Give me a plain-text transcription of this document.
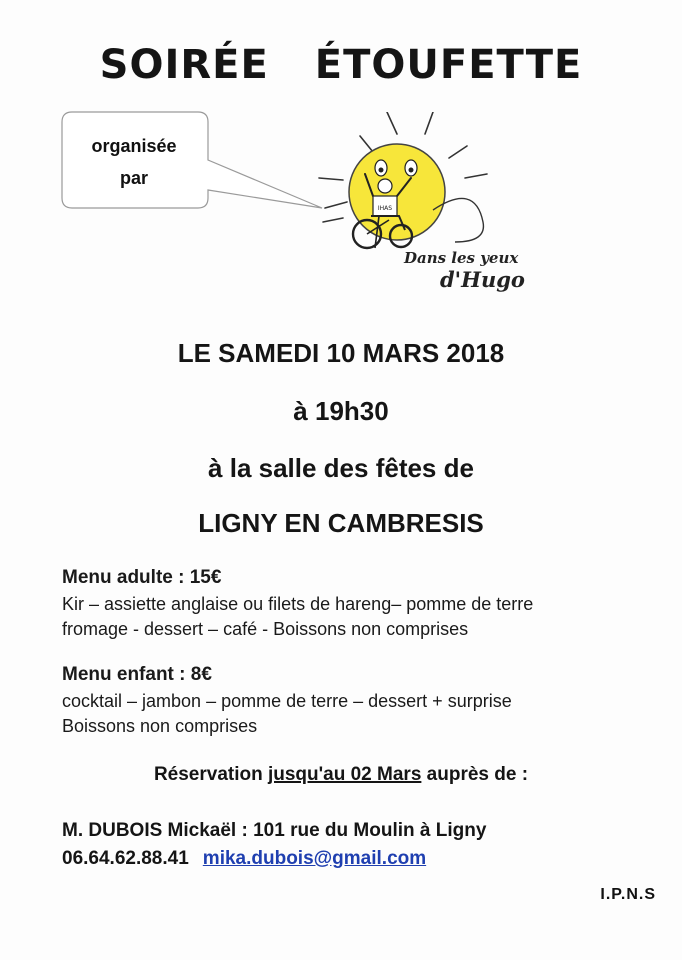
SOIRÉE ÉTOUFETTE
organisée
par
IHAS
Dans les yeux
d'Hugo
LE SAMEDI 10 MARS 2018
à 19h30
à la salle des fêtes de
LIGNY EN CAMBRESIS
Menu adulte : 15€
Kir – assiette anglaise ou filets de hareng– pomme de terre
fromage - dessert – café - Boissons non comprises
Menu enfant : 8€
cocktail – jambon – pomme de terre – dessert + surprise
Boissons non comprises
Réservation jusqu'au 02 Mars auprès de :
M. DUBOIS Mickaël : 101 rue du Moulin à Ligny
06.64.62.88.41 mika.dubois@gmail.com
I.P.N.S
